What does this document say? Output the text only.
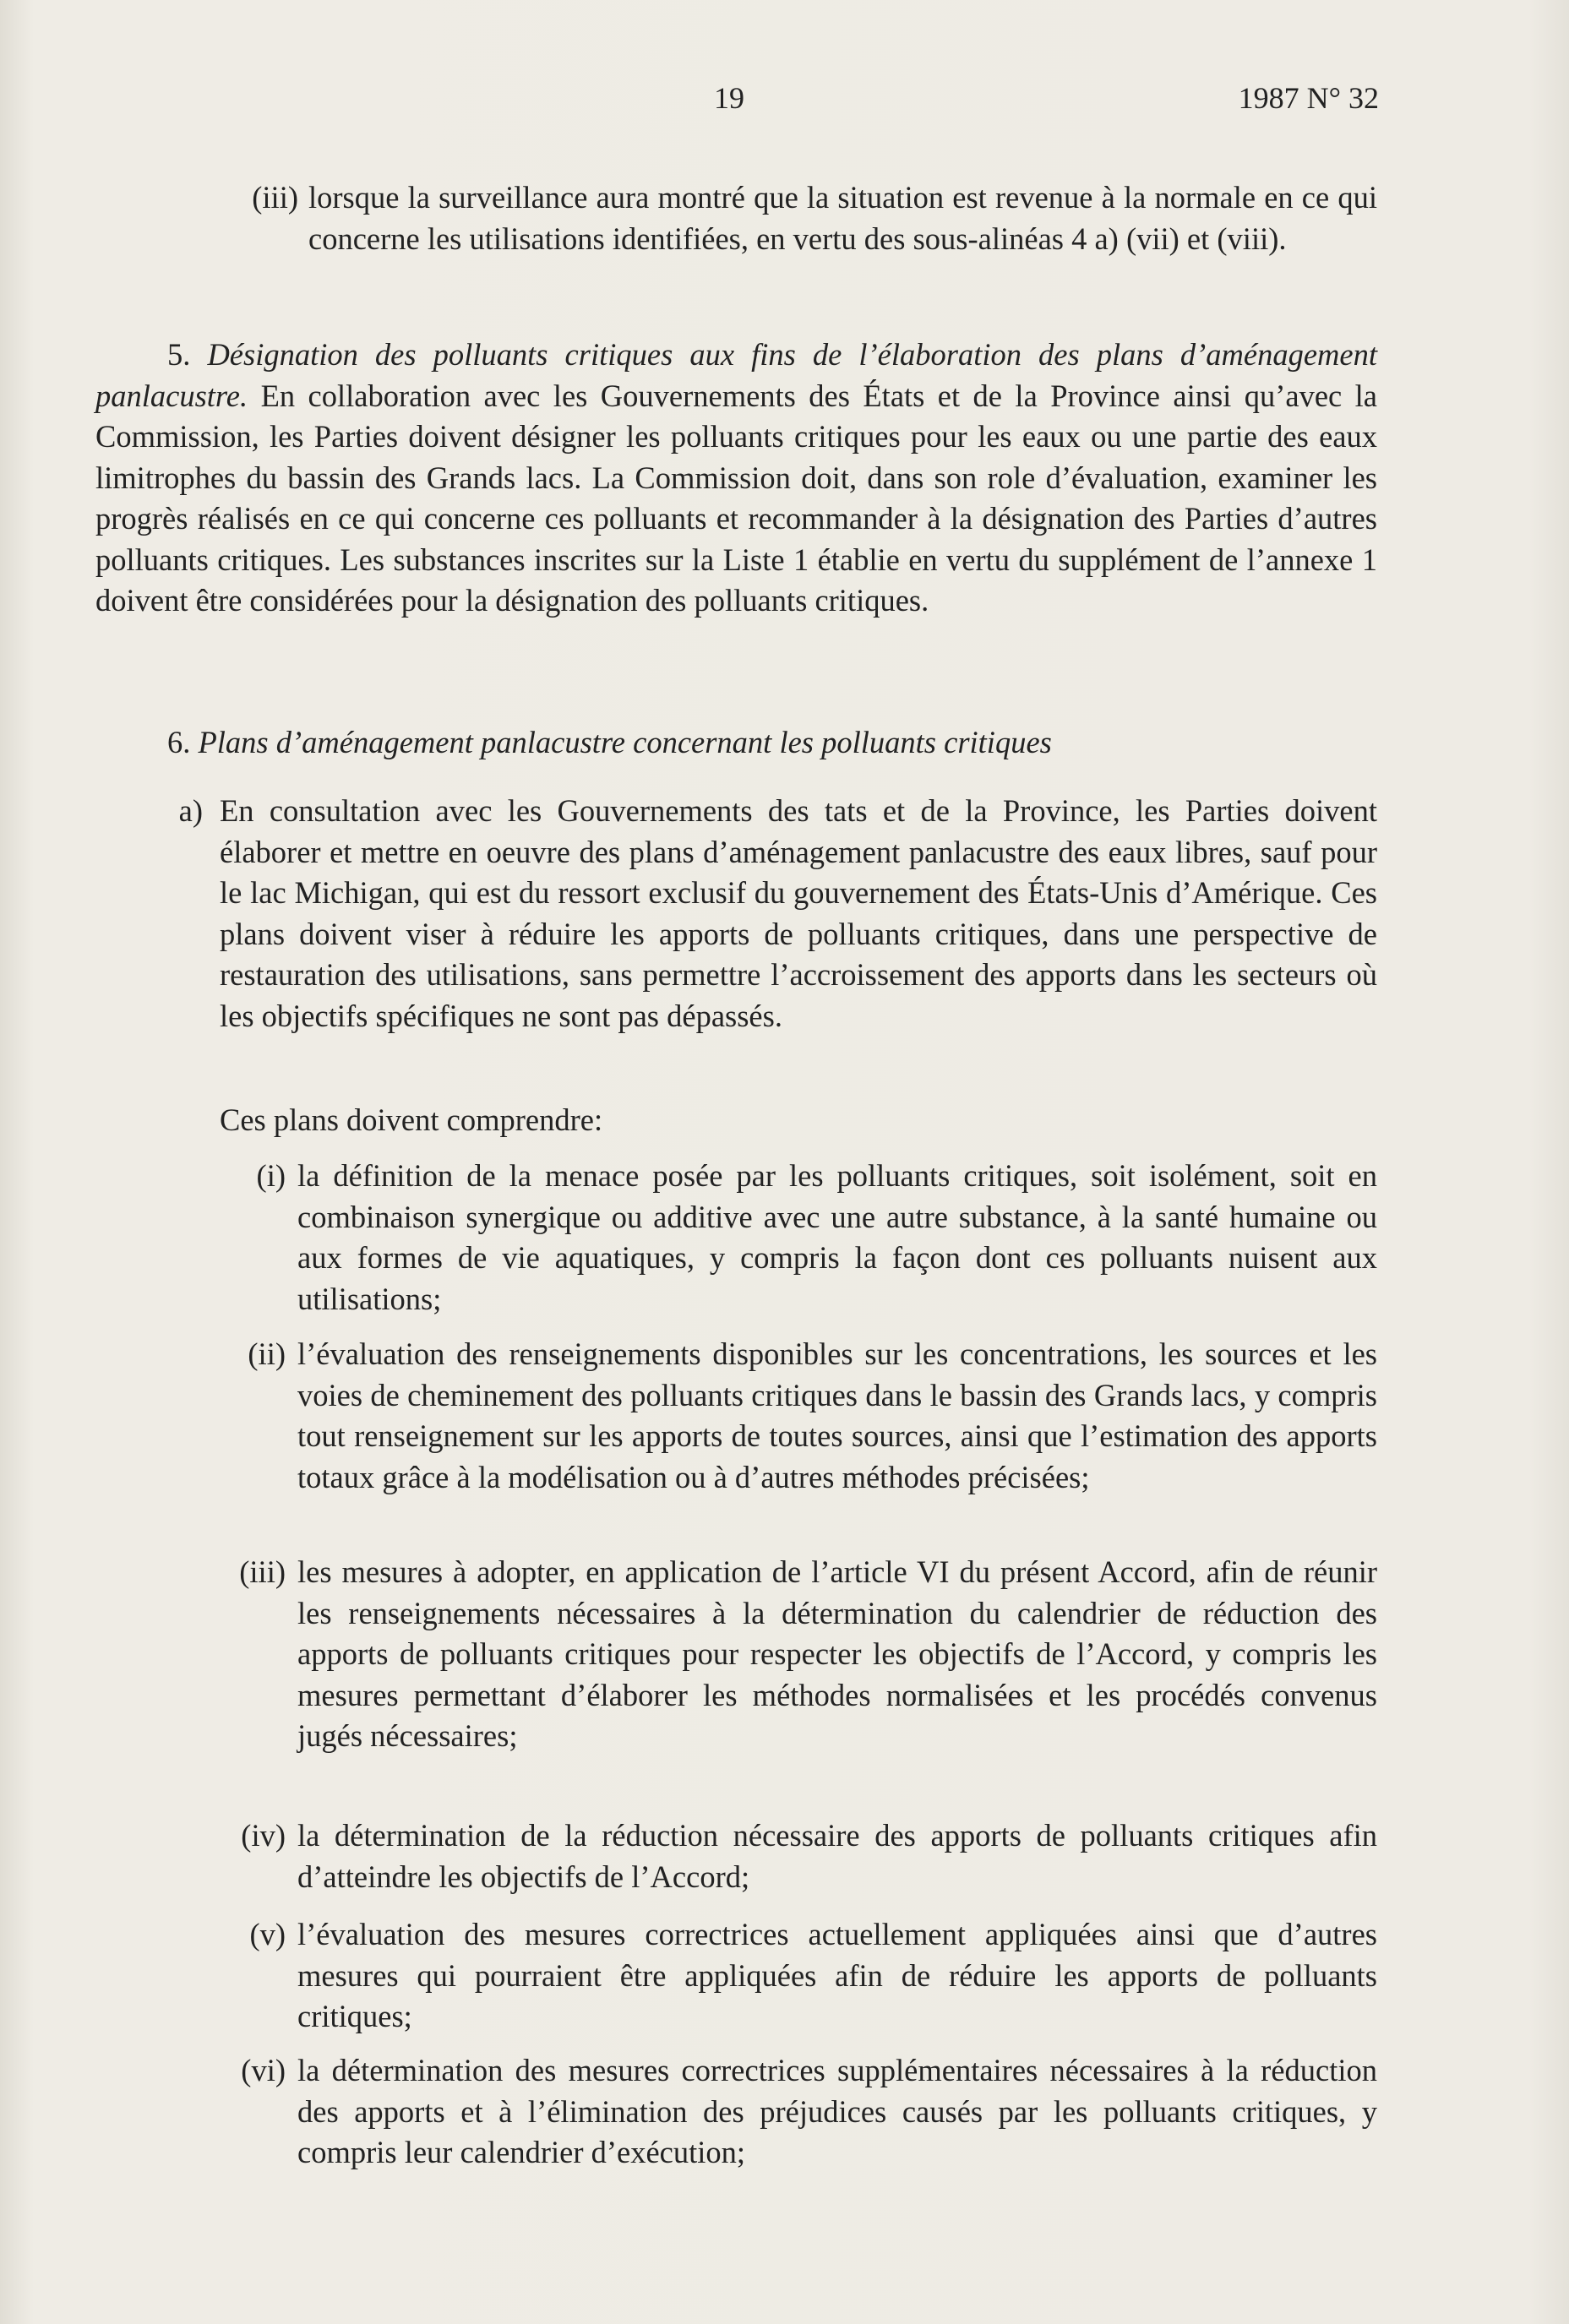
19	1987 N° 32
(iii) lorsque la surveillance aura montré que la situation est revenue à la normale en ce qui concerne les utilisations identifiées, en vertu des sous-alinéas 4 a) (vii) et (viii).
5. Désignation des polluants critiques aux fins de l’élaboration des plans d’aménagement panlacustre. En collaboration avec les Gouvernements des États et de la Province ainsi qu’avec la Commission, les Parties doivent désigner les polluants critiques pour les eaux ou une partie des eaux limitrophes du bassin des Grands lacs. La Commission doit, dans son role d’évaluation, examiner les progrès réalisés en ce qui concerne ces polluants et recommander à la désignation des Parties d’autres polluants critiques. Les substances inscrites sur la Liste 1 établie en vertu du supplément de l’annexe 1 doivent être considérées pour la désignation des polluants critiques.
6. Plans d’aménagement panlacustre concernant les polluants critiques
a) En consultation avec les Gouvernements des tats et de la Province, les Parties doivent élaborer et mettre en oeuvre des plans d’aménagement panlacustre des eaux libres, sauf pour le lac Michigan, qui est du ressort exclusif du gouvernement des États-Unis d’Amérique. Ces plans doivent viser à réduire les apports de polluants critiques, dans une perspective de restauration des utilisations, sans permettre l’accroissement des apports dans les secteurs où les objectifs spécifiques ne sont pas dépassés.
Ces plans doivent comprendre:
(i) la définition de la menace posée par les polluants critiques, soit isolément, soit en combinaison synergique ou additive avec une autre substance, à la santé humaine ou aux formes de vie aquatiques, y compris la façon dont ces polluants nuisent aux utilisations;
(ii) l’évaluation des renseignements disponibles sur les concentrations, les sources et les voies de cheminement des polluants critiques dans le bassin des Grands lacs, y compris tout renseignement sur les apports de toutes sources, ainsi que l’estimation des apports totaux grâce à la modélisation ou à d’autres méthodes précisées;
(iii) les mesures à adopter, en application de l’article VI du présent Accord, afin de réunir les renseignements nécessaires à la détermination du calendrier de réduction des apports de polluants critiques pour respecter les objectifs de l’Accord, y compris les mesures permettant d’élaborer les méthodes normalisées et les procédés convenus jugés nécessaires;
(iv) la détermination de la réduction nécessaire des apports de polluants critiques afin d’atteindre les objectifs de l’Accord;
(v) l’évaluation des mesures correctrices actuellement appliquées ainsi que d’autres mesures qui pourraient être appliquées afin de réduire les apports de polluants critiques;
(vi) la détermination des mesures correctrices supplémentaires nécessaires à la réduction des apports et à l’élimination des préjudices causés par les polluants critiques, y compris leur calendrier d’exécution;
